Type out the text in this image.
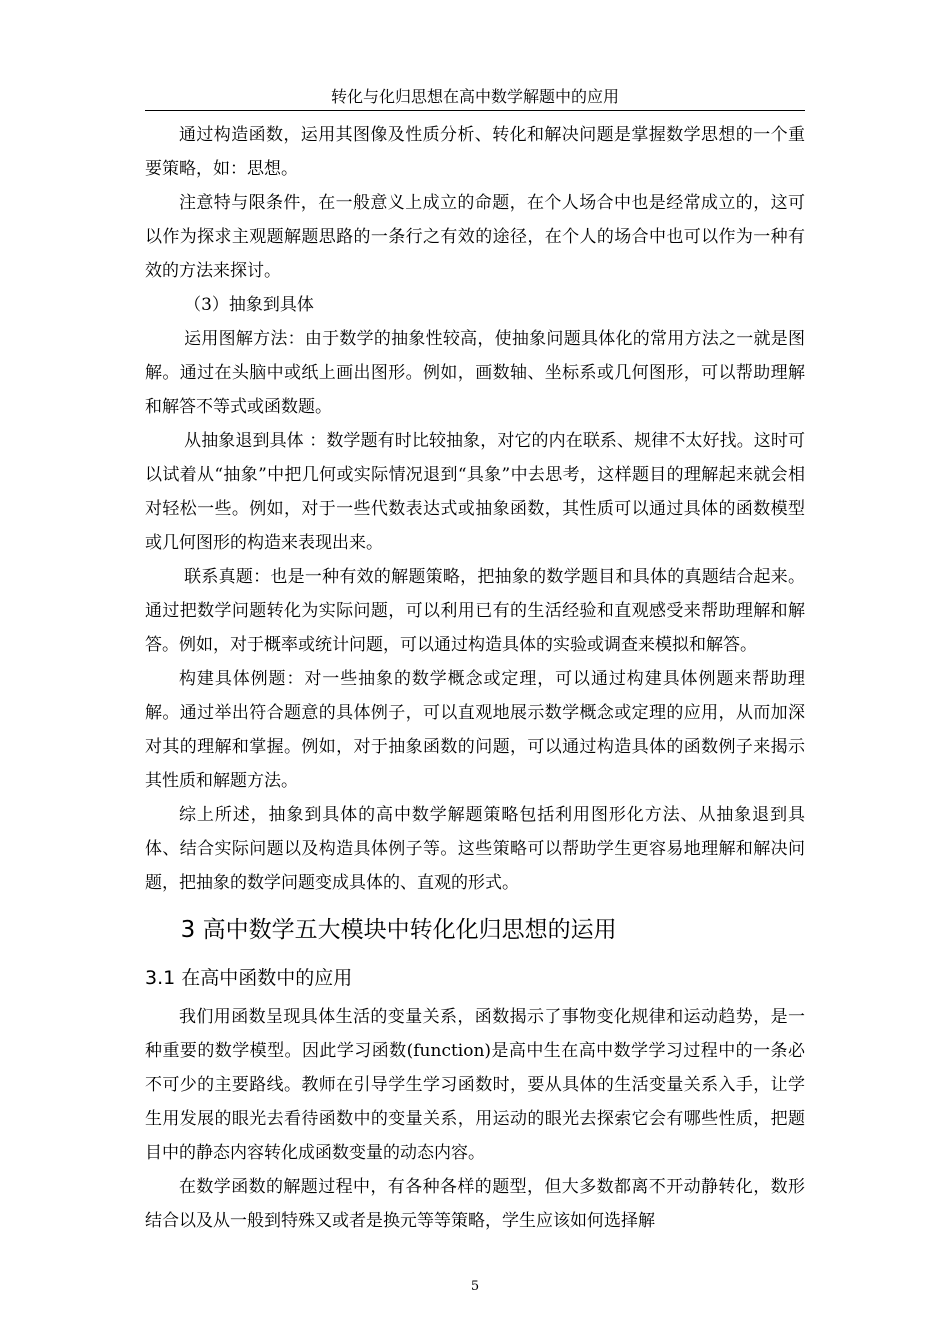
转化与化归思想在高中数学解题中的应用

通过构造函数，运用其图像及性质分析、转化和解决问题是掌握数学思想的一个重要策略，如：思想。

注意特与限条件，在一般意义上成立的命题，在个人场合中也是经常成立的，这可以作为探求主观题解题思路的一条行之有效的途径，在个人的场合中也可以作为一种有效的方法来探讨。

（3）抽象到具体

运用图解方法：由于数学的抽象性较高，使抽象问题具体化的常用方法之一就是图解。通过在头脑中或纸上画出图形。例如，画数轴、坐标系或几何图形，可以帮助理解和解答不等式或函数题。

从抽象退到具体 ：数学题有时比较抽象，对它的内在联系、规律不太好找。这时可以试着从“抽象”中把几何或实际情况退到“具象”中去思考，这样题目的理解起来就会相对轻松一些。例如，对于一些代数表达式或抽象函数，其性质可以通过具体的函数模型或几何图形的构造来表现出来。

联系真题：也是一种有效的解题策略，把抽象的数学题目和具体的真题结合起来。通过把数学问题转化为实际问题，可以利用已有的生活经验和直观感受来帮助理解和解答。例如，对于概率或统计问题，可以通过构造具体的实验或调查来模拟和解答。

构建具体例题：对一些抽象的数学概念或定理，可以通过构建具体例题来帮助理解。通过举出符合题意的具体例子，可以直观地展示数学概念或定理的应用，从而加深对其的理解和掌握。例如，对于抽象函数的问题，可以通过构造具体的函数例子来揭示其性质和解题方法。

综上所述，抽象到具体的高中数学解题策略包括利用图形化方法、从抽象退到具体、结合实际问题以及构造具体例子等。这些策略可以帮助学生更容易地理解和解决问题，把抽象的数学问题变成具体的、直观的形式。

3 高中数学五大模块中转化化归思想的运用
3.1 在高中函数中的应用

我们用函数呈现具体生活的变量关系，函数揭示了事物变化规律和运动趋势，是一种重要的数学模型。因此学习函数(function)是高中生在高中数学学习过程中的一条必不可少的主要路线。教师在引导学生学习函数时，要从具体的生活变量关系入手，让学生用发展的眼光去看待函数中的变量关系，用运动的眼光去探索它会有哪些性质，把题目中的静态内容转化成函数变量的动态内容。

在数学函数的解题过程中，有各种各样的题型，但大多数都离不开动静转化，数形结合以及从一般到特殊又或者是换元等等策略，学生应该如何选择解

5
